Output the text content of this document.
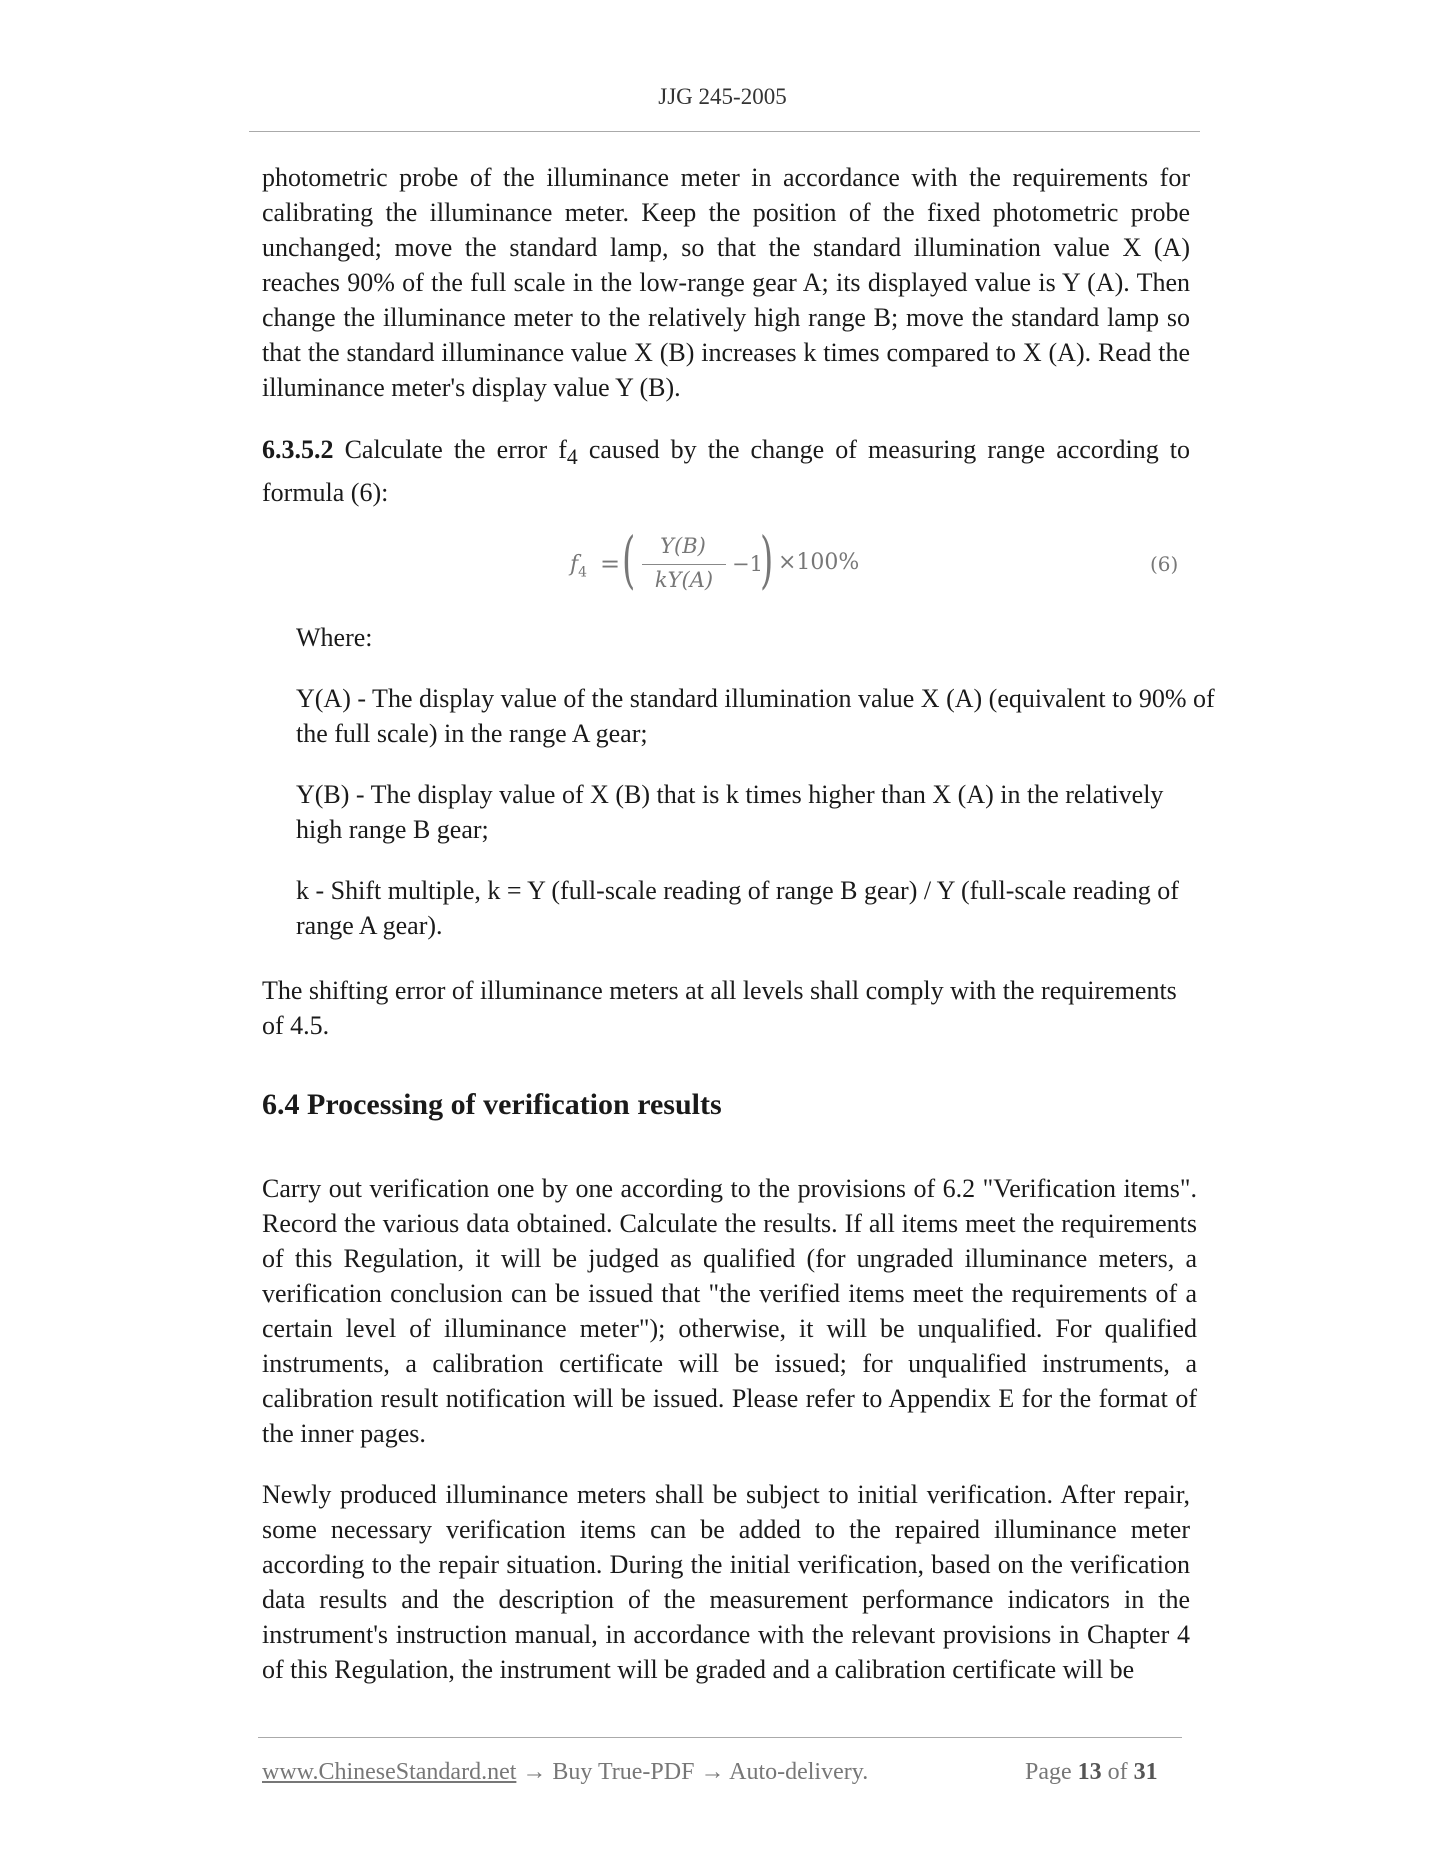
JJG 245-2005

photometric probe of the illuminance meter in accordance with the requirements for calibrating the illuminance meter. Keep the position of the fixed photometric probe unchanged; move the standard lamp, so that the standard illumination value X (A) reaches 90% of the full scale in the low-range gear A; its displayed value is Y (A). Then change the illuminance meter to the relatively high range B; move the standard lamp so that the standard illuminance value X (B) increases k times compared to X (A). Read the illuminance meter's display value Y (B).

6.3.5.2 Calculate the error $f_4$ caused by the change of measuring range according to formula (6):

$f_4$ = (	Y(B)
kY(A)
−1
) ×100%	(6)

Where:

Y(A) - The display value of the standard illumination value X (A) (equivalent to 90% of the full scale) in the range A gear;

Y(B) - The display value of X (B) that is k times higher than X (A) in the relatively high range B gear;

k - Shift multiple, k = Y (full-scale reading of range B gear) / Y (full-scale reading of range A gear).

The shifting error of illuminance meters at all levels shall comply with the requirements of 4.5.

6.4 Processing of verification results

Carry out verification one by one according to the provisions of 6.2 "Verification items". Record the various data obtained. Calculate the results. If all items meet the requirements of this Regulation, it will be judged as qualified (for ungraded illuminance meters, a verification conclusion can be issued that "the verified items meet the requirements of a certain level of illuminance meter"); otherwise, it will be unqualified. For qualified instruments, a calibration certificate will be issued; for unqualified instruments, a calibration result notification will be issued. Please refer to Appendix E for the format of the inner pages.

Newly produced illuminance meters shall be subject to initial verification. After repair, some necessary verification items can be added to the repaired illuminance meter according to the repair situation. During the initial verification, based on the verification data results and the description of the measurement performance indicators in the instrument's instruction manual, in accordance with the relevant provisions in Chapter 4 of this Regulation, the instrument will be graded and a calibration certificate will be

www.ChineseStandard.net → Buy True-PDF → Auto-delivery.	Page 13 of 31
